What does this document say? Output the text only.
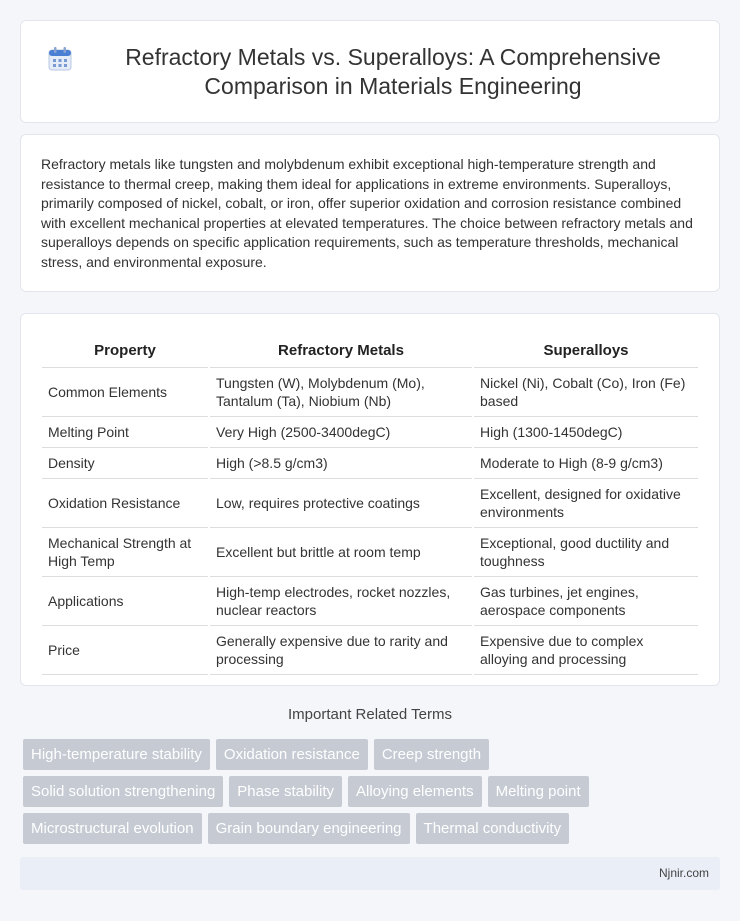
Refractory Metals vs. Superalloys: A Comprehensive Comparison in Materials Engineering

Refractory metals like tungsten and molybdenum exhibit exceptional high-temperature strength and resistance to thermal creep, making them ideal for applications in extreme environments. Superalloys, primarily composed of nickel, cobalt, or iron, offer superior oxidation and corrosion resistance combined with excellent mechanical properties at elevated temperatures. The choice between refractory metals and superalloys depends on specific application requirements, such as temperature thresholds, mechanical stress, and environmental exposure.

Property	Refractory Metals	Superalloys
Common Elements	Tungsten (W), Molybdenum (Mo), Tantalum (Ta), Niobium (Nb)	Nickel (Ni), Cobalt (Co), Iron (Fe) based
Melting Point	Very High (2500-3400degC)	High (1300-1450degC)
Density	High (>8.5 g/cm3)	Moderate to High (8-9 g/cm3)
Oxidation Resistance	Low, requires protective coatings	Excellent, designed for oxidative environments
Mechanical Strength at High Temp	Excellent but brittle at room temp	Exceptional, good ductility and toughness
Applications	High-temp electrodes, rocket nozzles, nuclear reactors	Gas turbines, jet engines, aerospace components
Price	Generally expensive due to rarity and processing	Expensive due to complex alloying and processing
Important Related Terms
High-temperature stability	Oxidation resistance	Creep strength
Solid solution strengthening	Phase stability	Alloying elements	Melting point
Microstructural evolution	Grain boundary engineering	Thermal conductivity
Njnir.com
